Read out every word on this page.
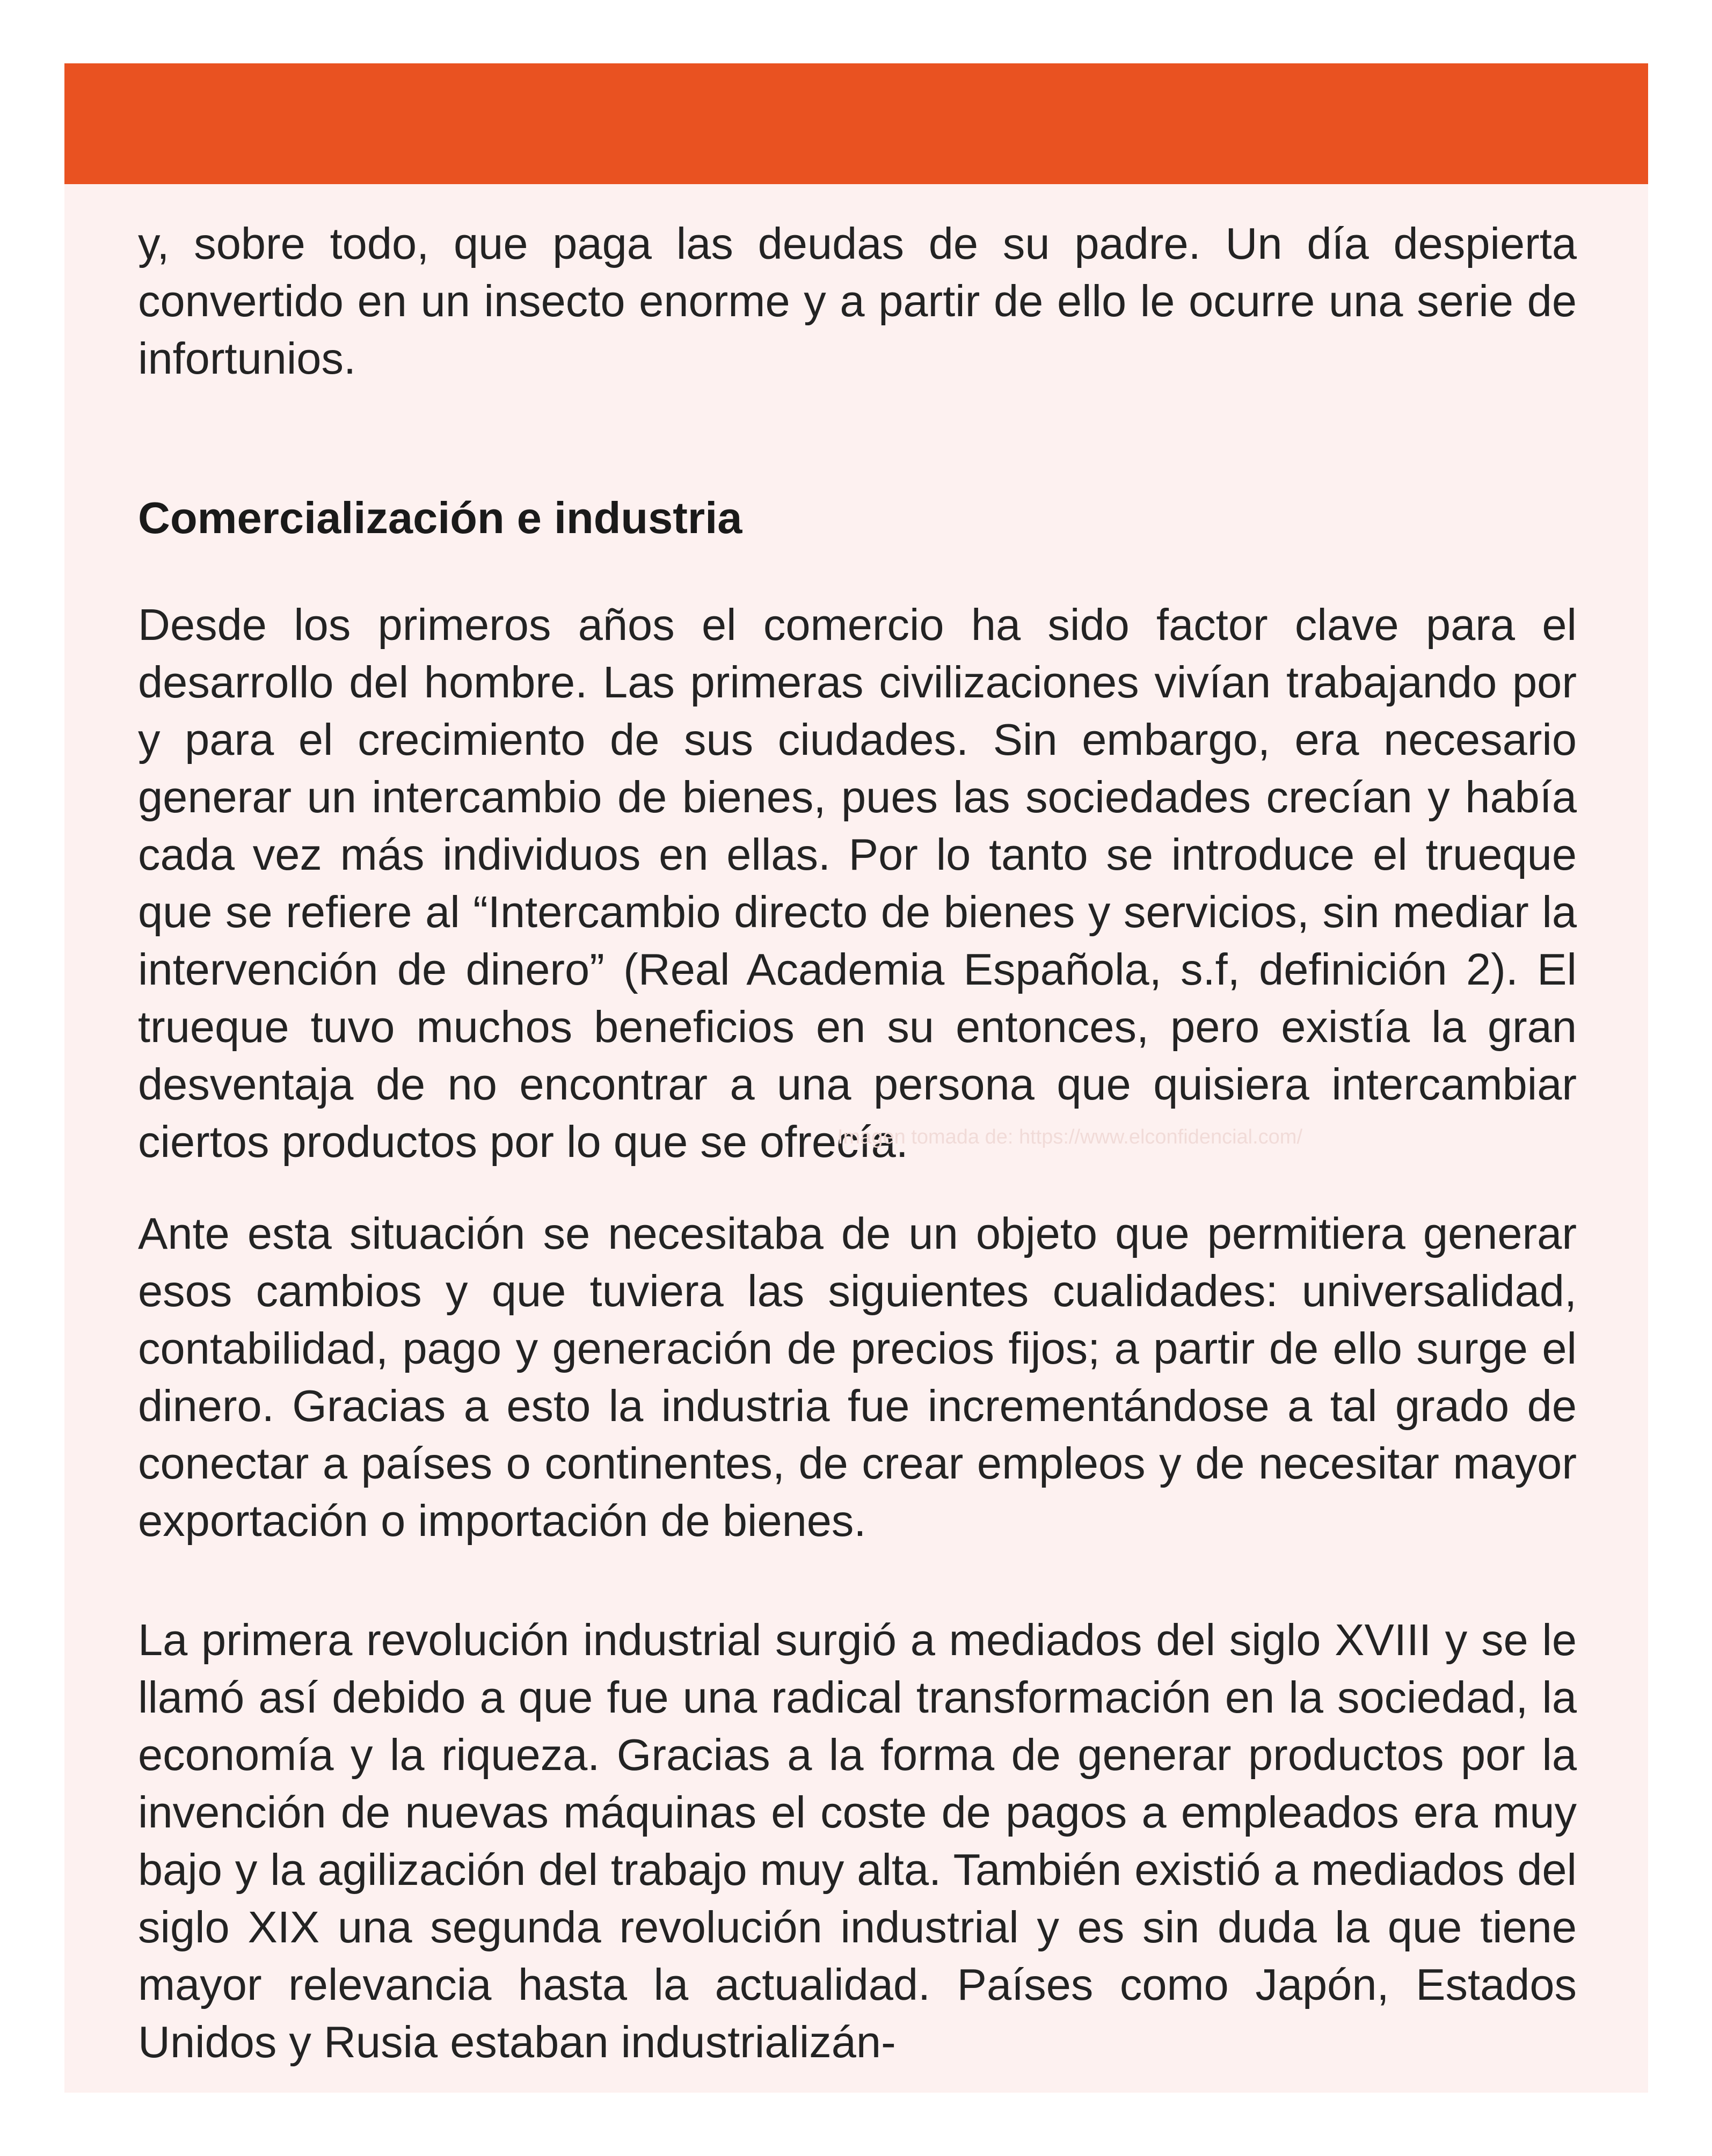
y, sobre todo, que paga las deudas de su padre. Un día despierta convertido en un insecto enorme y a partir de ello le ocurre una serie de infortunios.

Comercialización e industria

Desde los primeros años el comercio ha sido factor clave para el desarrollo del hombre. Las primeras civilizaciones vivían trabajando por y para el crecimiento de sus ciudades. Sin embargo, era necesario generar un intercambio de bienes, pues las sociedades crecían y había cada vez más individuos en ellas. Por lo tanto se introduce el trueque que se refiere al “Intercambio directo de bienes y servicios, sin mediar la intervención de dinero” (Real Academia Española, s.f, definición 2). El trueque tuvo muchos beneficios en su entonces, pero existía la gran desventaja de no encontrar a una persona que quisiera intercambiar ciertos productos por lo que se ofrecía.

Ante esta situación se necesitaba de un objeto que permitiera generar esos cambios y que tuviera las siguientes cualidades: universalidad, contabilidad, pago y generación de precios fijos; a partir de ello surge el dinero. Gracias a esto la industria fue incrementándose a tal grado de conectar a países o continentes, de crear empleos y de necesitar mayor exportación o importación de bienes.

La primera revolución industrial surgió a mediados del siglo XVIII y se le llamó así debido a que fue una radical transformación en la sociedad, la economía y la riqueza. Gracias a la forma de generar productos por la invención de nuevas máquinas el coste de pagos a empleados era muy bajo y la agilización del trabajo muy alta. También existió a mediados del siglo XIX una segunda revolución industrial y es sin duda la que tiene mayor relevancia hasta la actualidad. Países como Japón, Estados Unidos y Rusia estaban industrializán-

Imagen tomada de: https://www.elconfidencial.com/
